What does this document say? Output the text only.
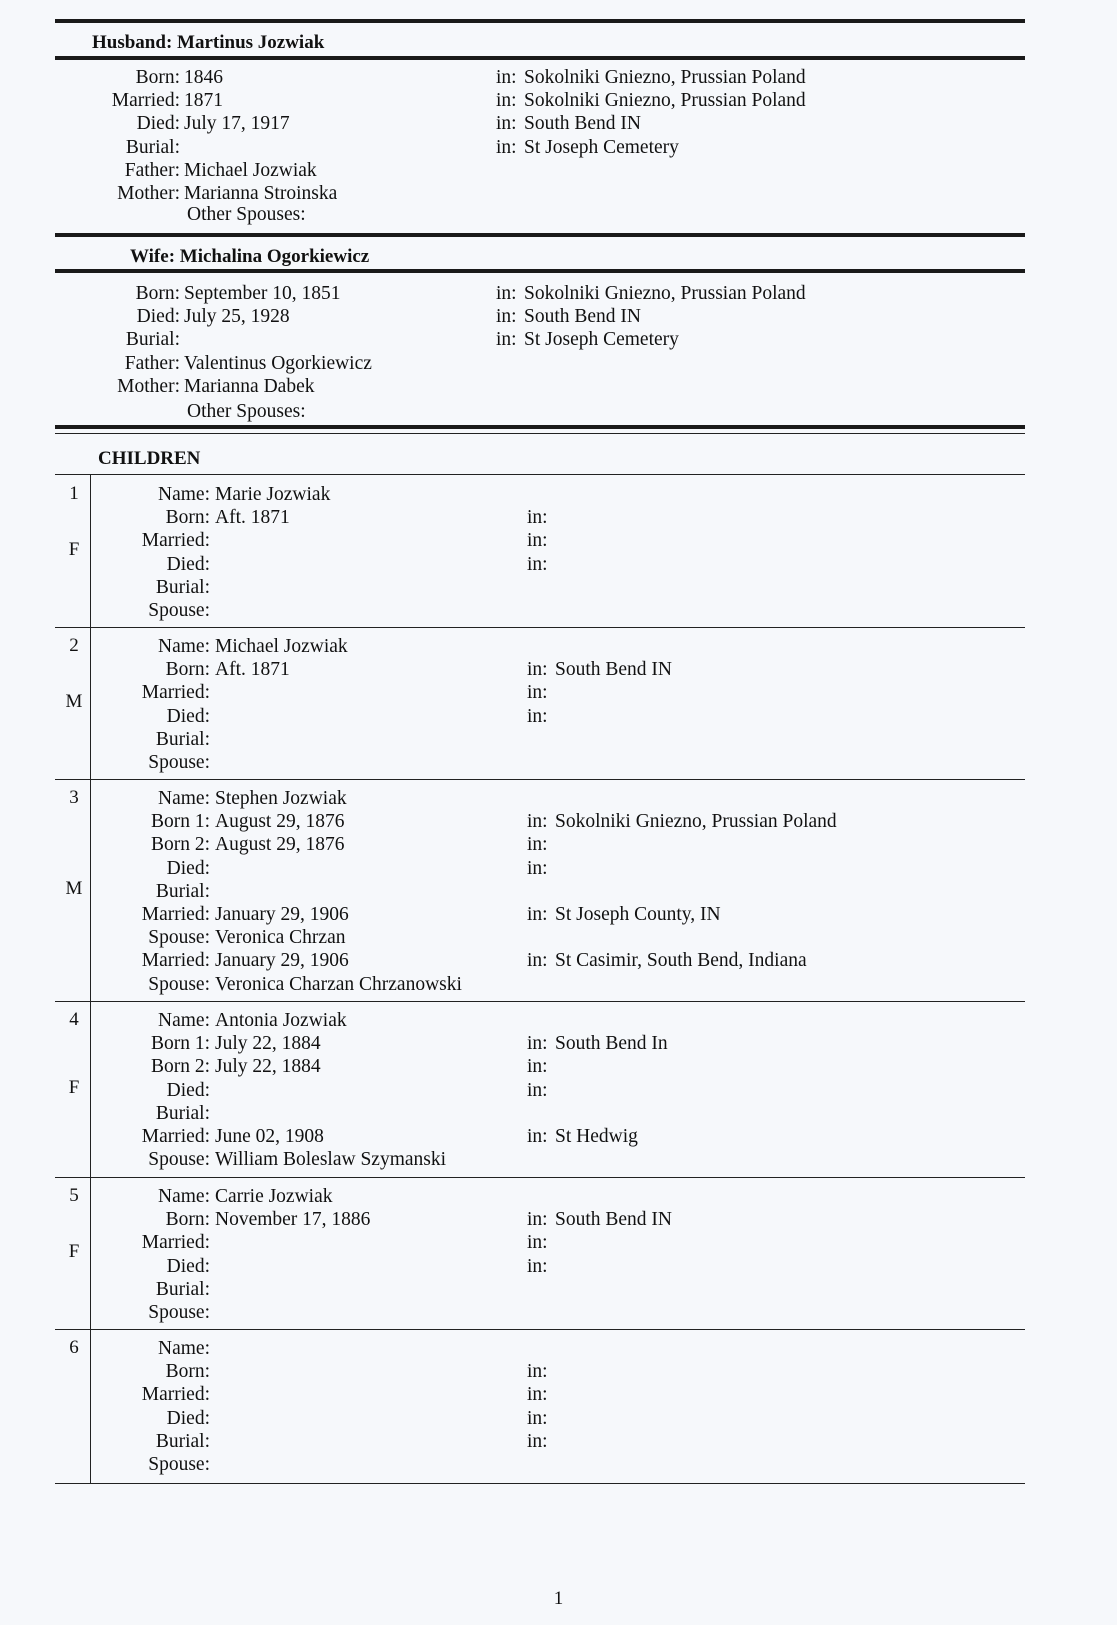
Husband: Martinus Jozwiak
Born: 1846	in: Sokolniki Gniezno, Prussian Poland
Married: 1871	in: Sokolniki Gniezno, Prussian Poland
Died: July 17, 1917	in: South Bend IN
Burial:	in: St Joseph Cemetery
Father: Michael Jozwiak
Mother: Marianna Stroinska
Other Spouses:
Wife: Michalina Ogorkiewicz
Born: September 10, 1851	in: Sokolniki Gniezno, Prussian Poland
Died: July 25, 1928	in: South Bend IN
Burial:	in: St Joseph Cemetery
Father: Valentinus Ogorkiewicz
Mother: Marianna Dabek
Other Spouses:
CHILDREN
1
F
Name: Marie Jozwiak
Born: Aft. 1871	in:
Married:	in:
Died:	in:
Burial:
Spouse:
2
M
Name: Michael Jozwiak
Born: Aft. 1871	in: South Bend IN
Married:	in:
Died:	in:
Burial:
Spouse:
3
M
Name: Stephen Jozwiak
Born 1: August 29, 1876	in: Sokolniki Gniezno, Prussian Poland
Born 2: August 29, 1876	in:
Died:	in:
Burial:
Married: January 29, 1906	in: St Joseph County, IN
Spouse: Veronica Chrzan
Married: January 29, 1906	in: St Casimir, South Bend, Indiana
Spouse: Veronica Charzan Chrzanowski
4
F
Name: Antonia Jozwiak
Born 1: July 22, 1884	in: South Bend In
Born 2: July 22, 1884	in:
Died:	in:
Burial:
Married: June 02, 1908	in: St Hedwig
Spouse: William Boleslaw Szymanski
5
F
Name: Carrie Jozwiak
Born: November 17, 1886	in: South Bend IN
Married:	in:
Died:	in:
Burial:
Spouse:
6	Name:
Born:	in:
Married:	in:
Died:	in:
Burial:	in:
Spouse:
1
